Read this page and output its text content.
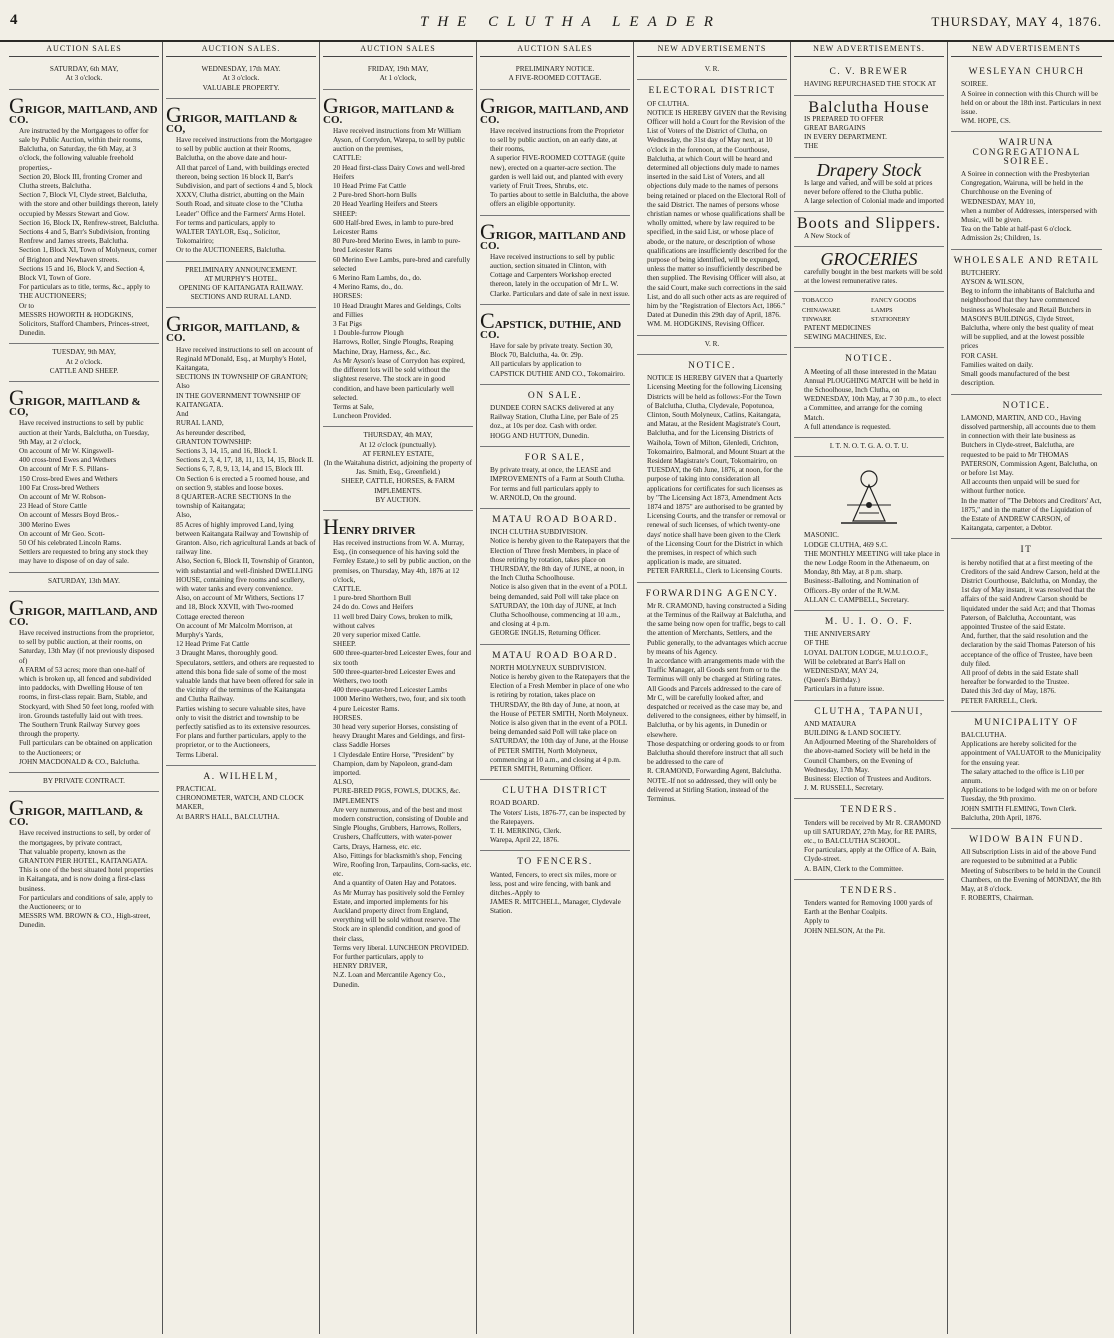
4	THE CLUTHA LEADER	THURSDAY, MAY 4, 1876.
AUCTION SALES
SATURDAY, 6th MAY,
At 3 o'clock.
GRIGOR, MAITLAND, AND CO.
Are instructed by the Mortgagees to offer for sale by Public Auction, within their rooms, Balclutha, on Saturday, the 6th May, at 3 o'clock, the following valuable freehold properties,-
Section 20, Block III, fronting Cromer and Clutha streets, Balclutha.
Section 7, Block VI, Clyde street, Balclutha, with the store and other buildings thereon, lately occupied by Messrs Stewart and Gow.
Section 16, Block IX, Renfrew-street, Balclutha.
Sections 4 and 5, Barr's Subdivision, fronting Renfrew and James streets, Balclutha.
Section 1, Block XI, Town of Molyneux, corner of Brighton and Newhaven streets.
Sections 15 and 16, Block V, and Section 4, Block VI, Town of Gore.
For particulars as to title, terms, &c., apply to
THE AUCTIONEERS;
Or to
MESSRS HOWORTH & HODGKINS, Solicitors, Stafford Chambers, Princes-street, Dunedin.
TUESDAY, 9th MAY,
At 2 o'clock.
CATTLE AND SHEEP.
GRIGOR, MAITLAND & CO,
Have received instructions to sell by public auction at their Yards, Balclutha, on Tuesday, 9th May, at 2 o'clock,
On account of Mr W. Kingswell-
400 cross-bred Ewes and Wethers
On account of Mr F. S. Pillans-
150 Cross-bred Ewes and Wethers
100 Fat Cross-bred Wethers
On account of Mr W. Robson-
23 Head of Store Cattle
On account of Messrs Boyd Bros.-
300 Merino Ewes
On account of Mr Geo. Scott-
50 Of his celebrated Lincoln Rams.
Settlers are requested to bring any stock they may have to dispose of on day of sale.
SATURDAY, 13th MAY.
GRIGOR, MAITLAND, AND CO.
Have received instructions from the proprietor, to sell by public auction, at their rooms, on Saturday, 13th May (if not previously disposed of)
A FARM of 53 acres; more than one-half of which is broken up, all fenced and subdivided into paddocks, with Dwelling House of ten rooms, in first-class repair. Barn, Stable, and Stockyard, with Shed 50 feet long, roofed with iron. Grounds tastefully laid out with trees.
The Southern Trunk Railway Survey goes through the property.
Full particulars can be obtained on application to the Auctioneers; or
JOHN MACDONALD & CO., Balclutha.
BY PRIVATE CONTRACT.
GRIGOR, MAITLAND, & CO.
Have received instructions to sell, by order of the mortgagees, by private contract,
That valuable property, known as the
GRANTON PIER HOTEL, KAITANGATA.
This is one of the best situated hotel properties in Kaitangata, and is now doing a first-class business.
For particulars and conditions of sale, apply to the Auctioneers; or to
MESSRS WM. BROWN & CO., High-street, Dunedin.
AUCTION SALES.
WEDNESDAY, 17th MAY.
At 3 o'clock.
VALUABLE PROPERTY.
GRIGOR, MAITLAND & CO,
Have received instructions from the Mortgagee to sell by public auction at their Rooms, Balclutha, on the above date and hour-
All that parcel of Land, with buildings erected thereon, being section 16 block II, Barr's Subdivision, and part of sections 4 and 5, block XXXV, Clutha district, abutting on the Main South Road, and situate close to the "Clutha Leader" Office and the Farmers' Arms Hotel.
For terms and particulars, apply to
WALTER TAYLOR, Esq., Solicitor, Tokomairiro;
Or to the AUCTIONEERS, Balclutha.
PRELIMINARY ANNOUNCEMENT.
AT MURPHY'S HOTEL.
OPENING OF KAITANGATA RAILWAY.
SECTIONS AND RURAL LAND.
GRIGOR, MAITLAND, & CO.
Have received instructions to sell on account of Reginald M'Donald, Esq., at Murphy's Hotel, Kaitangata,
SECTIONS IN TOWNSHIP OF GRANTON;
Also
IN THE GOVERNMENT TOWNSHIP OF KAITANGATA.
And
RURAL LAND,
As hereunder described,
GRANTON TOWNSHIP:
Sections 3, 14, 15, and 16, Block I.
Sections 2, 3, 4, 17, 18, 11, 13, 14, 15, Block II.
Sections 6, 7, 8, 9, 13, 14, and 15, Block III.
On Section 6 is erected a 5 roomed house, and on section 9, stables and loose boxes.
8 QUARTER-ACRE SECTIONS In the township of Kaitangata;
Also,
85 Acres of highly improved Land, lying between Kaitangata Railway and Township of Granton. Also, rich agricultural Lands at back of railway line.
Also, Section 6, Block II, Township of Granton, with substantial and well-finished DWELLING HOUSE, containing five rooms and scullery, with water tanks and every convenience.
Also, on account of Mr Withers, Sections 17 and 18, Block XXVII, with Two-roomed Cottage erected thereon
On account of Mr Malcolm Morrison, at Murphy's Yards,
12 Head Prime Fat Cattle
3 Draught Mares, thoroughly good.
Speculators, settlers, and others are requested to attend this bona fide sale of some of the most valuable lands that have been offered for sale in the vicinity of the terminus of the Kaitangata and Clutha Railway.
Parties wishing to secure valuable sites, have only to visit the district and township to be perfectly satisfied as to its extensive resources.
For plans and further particulars, apply to the proprietor, or to the Auctioneers,
Terms Liberal.
A. WILHELM,
PRACTICAL
CHRONOMETER, WATCH, AND CLOCK MAKER,
At BARR'S HALL, BALCLUTHA.
AUCTION SALES
FRIDAY, 19th MAY,
At 1 o'clock,
GRIGOR, MAITLAND & CO.
Have received instructions from Mr William Ayson, of Corrydon, Warepa, to sell by public auction on the premises,
CATTLE:
20 Head first-class Dairy Cows and well-bred Heifers
10 Head Prime Fat Cattle
2 Pure-bred Short-horn Bulls
20 Head Yearling Heifers and Steers
SHEEP:
600 Half-bred Ewes, in lamb to pure-bred Leicester Rams
80 Pure-bred Merino Ewes, in lamb to pure-bred Leicester Rams
60 Merino Ewe Lambs, pure-bred and carefully selected
6 Merino Ram Lambs, do., do.
4 Merino Rams, do., do.
HORSES:
10 Head Draught Mares and Geldings, Colts and Fillies
3 Fat Pigs
1 Double-furrow Plough
Harrows, Roller, Single Ploughs, Reaping Machine, Dray, Harness, &c., &c.
As Mr Ayson's lease of Corrydon has expired, the different lots will be sold without the slightest reserve. The stock are in good condition, and have been particularly well selected.
Terms at Sale,
Luncheon Provided.
THURSDAY, 4th MAY,
At 12 o'clock (punctually).
AT FERNLEY ESTATE,
(In the Waitahuna district, adjoining the property of Jas. Smith, Esq., Greenfield.)
SHEEP, CATTLE, HORSES, & FARM IMPLEMENTS.
BY AUCTION.
HENRY DRIVER
Has received instructions from W. A. Murray, Esq., (in consequence of his having sold the Fernley Estate,) to sell by public auction, on the premises, on Thursday, May 4th, 1876 at 12 o'clock,
CATTLE.
1 pure-bred Shorthorn Bull
24 do do. Cows and Heifers
11 well bred Dairy Cows, broken to milk, without calves
20 very superior mixed Cattle.
SHEEP.
600 three-quarter-bred Leicester Ewes, four and six tooth
500 three-quarter-bred Leicester Ewes and Wethers, two tooth
400 three-quarter-bred Leicester Lambs
1000 Merino Wethers, two, four, and six tooth
4 pure Leicester Rams.
HORSES.
30 head very superior Horses, consisting of heavy Draught Mares and Geldings, and first-class Saddle Horses
1 Clydesdale Entire Horse, "President" by Champion, dam by Napoleon, grand-dam imported.
ALSO,
PURE-BRED PIGS, FOWLS, DUCKS, &c.
IMPLEMENTS
Are very numerous, and of the best and most modern construction, consisting of Double and Single Ploughs, Grubbers, Harrows, Rollers, Crushers, Chaffcutters, with water-power
Carts, Drays, Harness, etc. etc.
Also, Fittings for blacksmith's shop, Fencing Wire, Roofing Iron, Tarpaulins, Corn-sacks, etc. etc.
And a quantity of Oaten Hay and Potatoes.
As Mr Murray has positively sold the Fernley Estate, and imported implements for his Auckland property direct from England, everything will be sold without reserve. The Stock are in splendid condition, and good of their class,
Terms very liberal. LUNCHEON PROVIDED.
For further particulars, apply to
HENRY DRIVER,
N.Z. Loan and Mercantile Agency Co., Dunedin.
AUCTION SALES
PRELIMINARY NOTICE.
A FIVE-ROOMED COTTAGE.
GRIGOR, MAITLAND, AND CO.
Have received instructions from the Proprietor to sell by public auction, on an early date, at their rooms,
A superior FIVE-ROOMED COTTAGE (quite new), erected on a quarter-acre section. The garden is well laid out, and planted with every variety of Fruit Trees, Shrubs, etc.
To parties about to settle in Balclutha, the above offers an eligible opportunity.
GRIGOR, MAITLAND AND CO.
Have received instructions to sell by public auction, section situated in Clinton, with Cottage and Carpenters Workshop erected thereon, lately in the occupation of Mr L. W. Clarke. Particulars and date of sale in next issue.
CAPSTICK, DUTHIE, AND CO.
Have for sale by private treaty. Section 30, Block 70, Balclutha, 4a. 0r. 29p.
All particulars by application to
CAPSTICK DUTHIE AND CO., Tokomairiro.
ON SALE.
DUNDEE CORN SACKS delivered at any Railway Station, Clutha Line, per Bale of 25 doz., at 10s per doz. Cash with order.
HOGG AND HUTTON, Dunedin.
FOR SALE,
By private treaty, at once, the LEASE and IMPROVEMENTS of a Farm at South Clutha.
For terms and full particulars apply to
W. ARNOLD, On the ground.
MATAU ROAD BOARD.
INCH CLUTHA SUBDIVISION.
Notice is hereby given to the Ratepayers that the Election of Three fresh Members, in place of those retiring by rotation, takes place on THURSDAY, the 8th day of JUNE, at noon, in the Inch Clutha Schoolhouse.
Notice is also given that in the event of a POLL being demanded, said Poll will take place on SATURDAY, the 10th day of JUNE, at Inch Clutha Schoolhouse, commencing at 10 a.m., and closing at 4 p.m.
GEORGE INGLIS, Returning Officer.
MATAU ROAD BOARD.
NORTH MOLYNEUX SUBDIVISION.
Notice is hereby given to the Ratepayers that the Election of a Fresh Member in place of one who is retiring by rotation, takes place on THURSDAY, the 8th day of June, at noon, at the House of PETER SMITH, North Molyneux. Notice is also given that in the event of a POLL being demanded said Poll will take place on SATURDAY, the 10th day of June, at the House of PETER SMITH, North Molyneux, commencing at 10 a.m., and closing at 4 p.m.
PETER SMITH, Returning Officer.
CLUTHA DISTRICT
ROAD BOARD.
The Voters' Lists, 1876-77, can be inspected by the Ratepayers.
T. H. MERKING, Clerk.
Warepa, April 22, 1876.
TO FENCERS.
Wanted, Fencers, to erect six miles, more or less, post and wire fencing, with bank and ditches.-Apply to
JAMES R. MITCHELL, Manager, Clydevale Station.
NEW ADVERTISEMENTS
V. R.
ELECTORAL DISTRICT
OF CLUTHA.
NOTICE IS HEREBY GIVEN that the Revising Officer will hold a Court for the Revision of the List of Voters of the District of Clutha, on Wednesday, the 31st day of May next, at 10 o'clock in the forenoon, at the Courthouse, Balclutha, at which Court will be heard and determined all objections duly made to names inserted in the said List of Voters, and all objections duly made to the names of persons being retained or placed on the Electoral Roll of the said District. The names of persons whose christian names or whose qualifications shall be wholly omitted, where by law required to be specified, in the said List, or whose place of abode, or the nature, or description of whose qualifications are insufficiently described for the purpose of being identified, will be expunged, unless the matter so insufficiently described be then supplied. The Revising Officer will also, at the said Court, make such corrections in the said List, and do all such other acts as are required of him by the "Registration of Electors Act, 1866."
Dated at Dunedin this 29th day of April, 1876.
WM. M. HODGKINS, Revising Officer.
V. R.
NOTICE.
NOTICE IS HEREBY GIVEN that a Quarterly Licensing Meeting for the following Licensing Districts will be held as follows:-For the Town of Balclutha, Clutha, Clydevale, Popotunoa, Clinton, South Molyneux, Catlins, Kaitangata, and Matau, at the Resident Magistrate's Court, Balclutha, and for the Licensing Districts of Waihola, Town of Milton, Glenledi, Crichton, Tokomairiro, Balmoral, and Mount Stuart at the Resident Magistrate's Court, Tokomairiro, on TUESDAY, the 6th June, 1876, at noon, for the purpose of taking into consideration all applications for certificates for such licenses as by "The Licensing Act 1873, Amendment Acts 1874 and 1875" are authorised to be granted by Licensing Courts, and the transfer or removal or renewal of such licenses, of which twenty-one days' notice shall have been given to the Clerk of the Licensing Court for the District in which the premises, in respect of which such application is made, are situated.
PETER FARRELL, Clerk to Licensing Courts.
FORWARDING AGENCY.
Mr R. CRAMOND, having constructed a Siding at the Terminus of the Railway at Balclutha, and the same being now open for traffic, begs to call the attention of Merchants, Settlers, and the Public generally, to the advantages which accrue by means of his Agency.
In accordance with arrangements made with the Traffic Manager, all Goods sent from or to the Terminus will only be charged at Stirling rates.
All Goods and Parcels addressed to the care of Mr C, will be carefully looked after, and despatched or received as the case may be, and delivered to the consignees, either by himself, in Balclutha, or by his agents, in Dunedin or elsewhere.
Those despatching or ordering goods to or from Balclutha should therefore instruct that all such be addressed to the care of
R. CRAMOND, Forwarding Agent, Balclutha.
NOTE.-If not so addressed, they will only be delivered at Stirling Station, instead of the Terminus.
NEW ADVERTISEMENTS.
C. V. BREWER
HAVING REPURCHASED THE STOCK AT
Balclutha House
IS PREPARED TO OFFER
GREAT BARGAINS
IN EVERY DEPARTMENT.
THE
Drapery Stock
Is large and varied, and will be sold at prices never before offered to the Clutha public.
A large selection of Colonial made and imported
Boots and Slippers.
A New Stock of
GROCERIES
carefully bought in the best markets will be sold at the lowest remunerative rates.
TOBACCO	FANCY GOODS
CHINAWARE	LAMPS
TINWARE	STATIONERY
PATENT MEDICINES
SEWING MACHINES, Etc.
NOTICE.
A Meeting of all those interested in the Matau Annual PLOUGHING MATCH will be held in the Schoolhouse, Inch Clutha, on WEDNESDAY, 10th May, at 7 30 p.m., to elect a Committee, and arrange for the coming Match.
A full attendance is requested.
I. T. N. O. T. G. A. O. T. U.
MASONIC.
LODGE CLUTHA, 469 S.C.
THE MONTHLY MEETING will take place in the new Lodge Room in the Athenaeum, on Monday, 8th May, at 8 p.m. sharp.
Business:-Balloting, and Nomination of Officers.-By order of the R.W.M.
ALLAN C. CAMPBELL, Secretary.
M. U. I. O. O. F.
THE ANNIVERSARY
OF THE
LOYAL DALTON LODGE, M.U.I.O.O.F.,
Will be celebrated at Barr's Hall on
WEDNESDAY, MAY 24,
(Queen's Birthday.)
Particulars in a future issue.
CLUTHA, TAPANUI,
AND MATAURA
BUILDING & LAND SOCIETY.
An Adjourned Meeting of the Shareholders of the above-named Society will be held in the Council Chambers, on the Evening of Wednesday, 17th May.
Business: Election of Trustees and Auditors.
J. M. RUSSELL, Secretary.
TENDERS.
Tenders will be received by Mr R. CRAMOND up till SATURDAY, 27th May, for RE PAIRS, etc., to BALCLUTHA SCHOOL.
For particulars, apply at the Office of A. Bain, Clyde-street.
A. BAIN, Clerk to the Committee.
TENDERS.
Tenders wanted for Removing 1000 yards of Earth at the Benhar Coalpits.
Apply to
JOHN NELSON, At the Pit.
NEW ADVERTISEMENTS
WESLEYAN CHURCH
SOIREE.
A Soiree in connection with this Church will be held on or about the 18th inst. Particulars in next issue.
WM. HOPE, CS.
WAIRUNA CONGREGATIONAL SOIREE.
A Soiree in connection with the Presbyterian Congregation, Wairuna, will be held in the Churchhouse on the Evening of
WEDNESDAY, MAY 10,
when a number of Addresses, interspersed with Music, will be given.
Tea on the Table at half-past 6 o'clock.
Admission 2s; Children, 1s.
WHOLESALE AND RETAIL
BUTCHERY.
AYSON & WILSON,
Beg to inform the inhabitants of Balclutha and neighborhood that they have commenced business as Wholesale and Retail Butchers in MASON'S BUILDINGS, Clyde Street, Balclutha, where only the best quality of meat will be supplied, and at the lowest possible prices
FOR CASH.
Families waited on daily.
Small goods manufactured of the best description.
NOTICE.
LAMOND, MARTIN, AND CO., Having dissolved partnership, all accounts due to them in connection with their late business as Butchers in Clyde-street, Balclutha, are requested to be paid to Mr THOMAS PATERSON, Commission Agent, Balclutha, on or before 1st May.
All accounts then unpaid will be sued for without further notice.
In the matter of "The Debtors and Creditors' Act, 1875," and in the matter of the Liquidation of the Estate of ANDREW CARSON, of Kaitangata, carpenter, a Debtor.
IT
is hereby notified that at a first meeting of the Creditors of the said Andrew Carson, held at the District Courthouse, Balclutha, on Monday, the 1st day of May instant, it was resolved that the affairs of the said Andrew Carson should be liquidated under the said Act; and that Thomas Paterson, of Balclutha, Accountant, was appointed Trustee of the said Estate.
And, further, that the said resolution and the declaration by the said Thomas Paterson of his acceptance of the office of Trustee, have been duly filed.
All proof of debts in the said Estate shall hereafter be forwarded to the Trustee.
Dated this 3rd day of May, 1876.
PETER FARRELL, Clerk.
MUNICIPALITY OF
BALCLUTHA.
Applications are hereby solicited for the appointment of VALUATOR to the Municipality for the ensuing year.
The salary attached to the office is L10 per annum.
Applications to be lodged with me on or before Tuesday, the 9th proximo.
JOHN SMITH FLEMING, Town Clerk.
Balclutha, 20th April, 1876.
WIDOW BAIN FUND.
All Subscription Lists in aid of the above Fund are requested to be submitted at a Public Meeting of Subscribers to be held in the Council Chambers, on the Evening of MONDAY, the 8th May, at 8 o'clock.
F. ROBERTS, Chairman.
